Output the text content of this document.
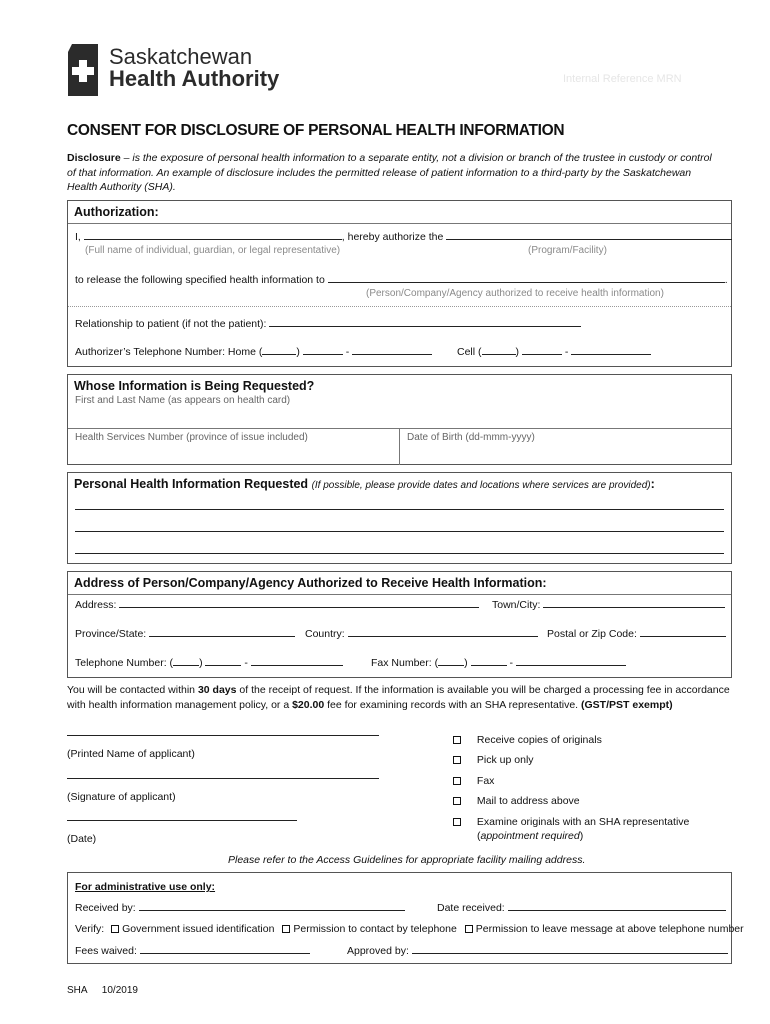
Saskatchewan
Health Authority	Internal Reference MRN
CONSENT FOR DISCLOSURE OF PERSONAL HEALTH INFORMATION
Disclosure – is the exposure of personal health information to a separate entity, not a division or branch of the trustee in custody or control of that information. An example of disclosure includes the permitted release of patient information to a third-party by the Saskatchewan Health Authority (SHA).
Authorization:
I,	, hereby authorize the
(Full name of individual, guardian, or legal representative)	(Program/Facility)
to release the following specified health information to	.
(Person/Company/Agency authorized to receive health information)
Relationship to patient (if not the patient):
Authorizer’s Telephone Number: Home (	)	-	Cell (	)	-
Whose Information is Being Requested?
First and Last Name (as appears on health card)
Health Services Number (province of issue included)	Date of Birth (dd-mmm-yyyy)
Personal Health Information Requested (If possible, please provide dates and locations where services are provided):
Address of Person/Company/Agency Authorized to Receive Health Information:
Address:	Town/City:
Province/State:	Country:	Postal or Zip Code:
Telephone Number: ( )	-	Fax Number: ( )	-
You will be contacted within 30 days of the receipt of request. If the information is available you will be charged a processing fee in accordance with health information management policy, or a $20.00 fee for examining records with an SHA representative. (GST/PST exempt)
(Printed Name of applicant)
(Signature of applicant)
(Date)
Receive copies of originals
Pick up only
Fax
Mail to address above
Examine originals with an SHA representative
(appointment required)
Please refer to the Access Guidelines for appropriate facility mailing address.
For administrative use only:
Received by:	Date received:
Verify: Government issued identification Permission to contact by telephone Permission to leave message at above telephone number
Fees waived:	Approved by:
SHA 10/2019
